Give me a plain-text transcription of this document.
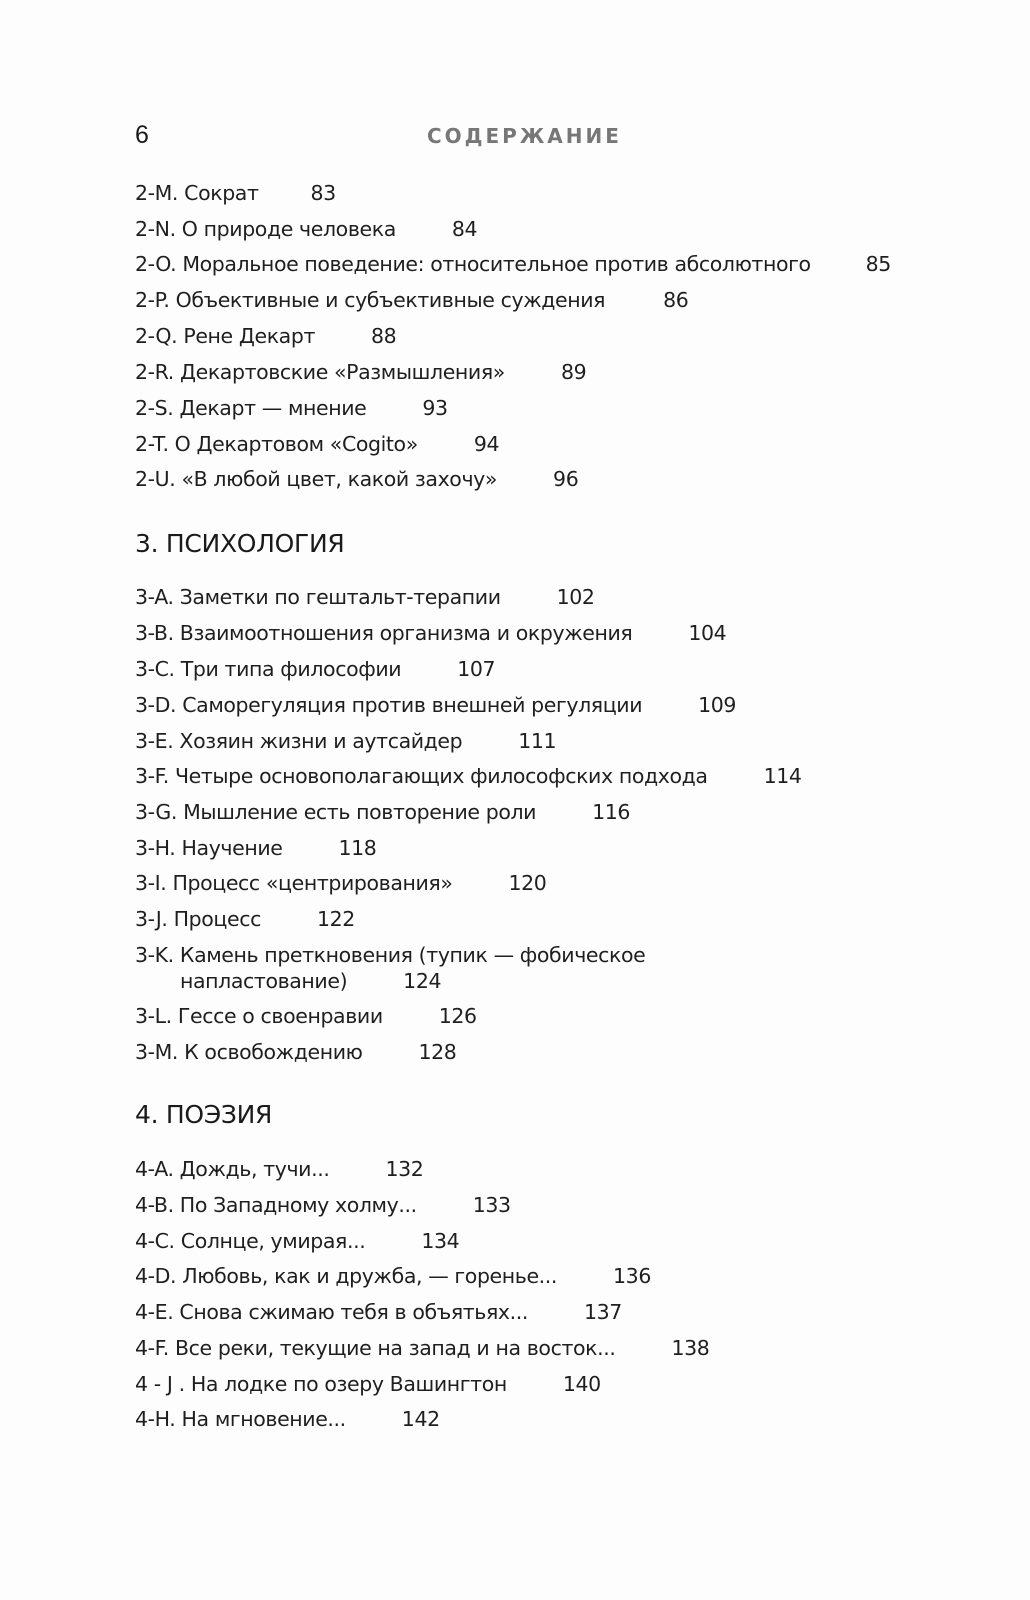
6	СОДЕРЖАНИЕ
2-M. Сократ	83
2-N. О природе человека	84
2-O. Моральное поведение: относительное против абсолютного	85
2-P. Объективные и субъективные суждения	86
2-Q. Рене Декарт	88
2-R. Декартовские «Размышления»	89
2-S. Декарт — мнение	93
2-T. О Декартовом «Cogito»	94
2-U. «В любой цвет, какой захочу»	96
3. ПСИХОЛОГИЯ
3-A. Заметки по гештальт-терапии	102
3-B. Взаимоотношения организма и окружения	104
3-C. Три типа философии	107
3-D. Саморегуляция против внешней регуляции	109
3-E. Хозяин жизни и аутсайдер	111
3-F. Четыре основополагающих философских подхода	114
3-G. Мышление есть повторение роли	116
3-H. Научение	118
3-I. Процесс «центрирования»	120
3-J. Процесс	122
3-K. Камень преткновения (тупик — фобическое
напластование)	124
3-L. Гессе о своенравии	126
3-M. К освобождению	128
4. ПОЭЗИЯ
4-A. Дождь, тучи...	132
4-B. По Западному холму...	133
4-C. Солнце, умирая...	134
4-D. Любовь, как и дружба, — горенье...	136
4-E. Снова сжимаю тебя в объятьях...	137
4-F. Все реки, текущие на запад и на восток...	138
4 - J . На лодке по озеру Вашингтон	140
4-H. На мгновение...	142
